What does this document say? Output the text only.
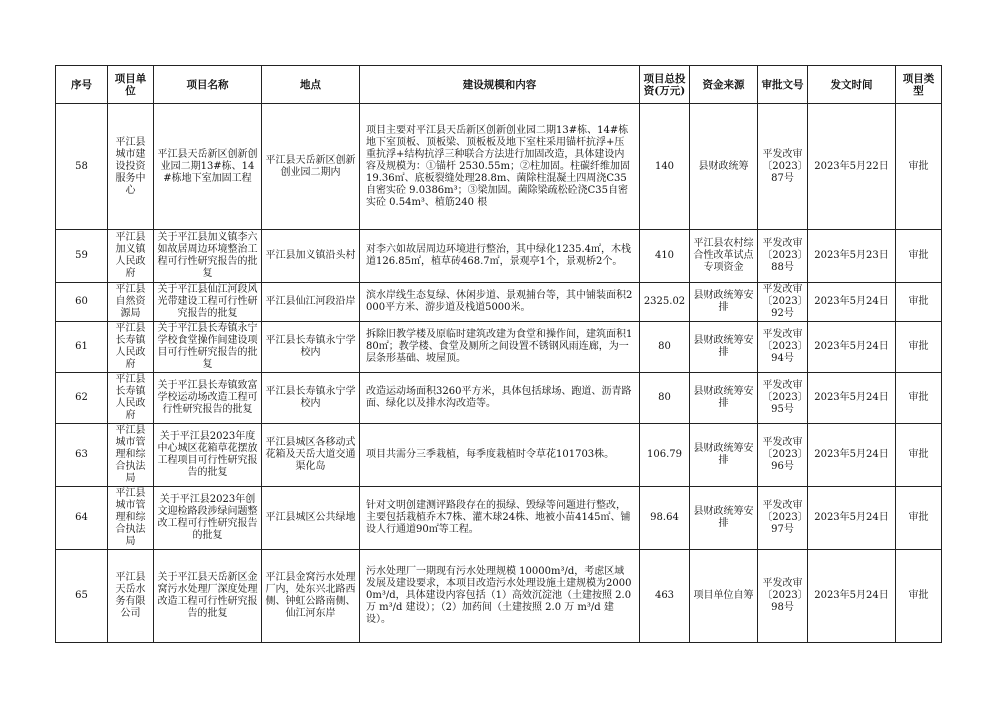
序号	项目单位	项目名称	地点	建设规模和内容	项目总投资(万元)	资金来源	审批文号	发文时间	项目类型
58	平江县城市建设投资服务中心	平江县天岳新区创新创业园二期13#栋、14#栋地下室加固工程	平江县天岳新区创新创业园二期内	项目主要对平江县天岳新区创新创业园二期13#栋、14#栋地下室顶板、顶板梁、顶板板及地下室柱采用锚杆抗浮+压重抗浮+结构抗浮三种联合方法进行加固改造，具体建设内容及规模为：①锚杆 2530.55m；②柱加固。柱碳纤维加固 19.36㎡、底板裂缝处理28.8m、菌除柱混凝土四周浇C35自密实砼 9.0386m³；③梁加固。菌除梁疏松砼浇C35自密实砼 0.54m³、植筋240 根	140	县财政统筹	平发改审〔2023〕87号	2023年5月22日	审批
59	平江县加义镇人民政府	关于平江县加义镇李六如故居周边环境整治工程可行性研究报告的批复	平江县加义镇沿头村	对李六如故居周边环境进行整治，其中绿化1235.4㎡，木栈道126.85㎡，植草砖468.7㎡，景观亭1个，景观桥2个。	410	平江县农村综合性改革试点专项资金	平发改审〔2023〕88号	2023年5月23日	审批
60	平江县自然资源局	关于平江县仙江河段风光带建设工程可行性研究报告的批复	平江县仙江河段沿岸	滨水岸线生态复绿、休闲步道、景观捕台等，其中铺装面积2000平方米、游步道及栈道5000米。	2325.02	县财政统筹安排	平发改审〔2023〕92号	2023年5月24日	审批
61	平江县长寿镇人民政府	关于平江县长寿镇永宁学校食堂操作间建设项目可行性研究报告的批复	平江县长寿镇永宁学校内	拆除旧教学楼及原临时建筑改建为食堂和操作间，建筑面积180㎡；教学楼、食堂及厕所之间设置不锈钢风雨连廊，为一层条形基础、坡屋顶。	80	县财政统筹安排	平发改审〔2023〕94号	2023年5月24日	审批
62	平江县长寿镇人民政府	关于平江县长寿镇致富学校运动场改造工程可行性研究报告的批复	平江县长寿镇永宁学校内	改造运动场面积3260平方米，具体包括球场、跑道、沥青路面、绿化以及排水沟改造等。	80	县财政统筹安排	平发改审〔2023〕95号	2023年5月24日	审批
63	平江县城市管理和综合执法局	关于平江县2023年度中心城区花箱草花摆放工程项目可行性研究报告的批复	平江县城区各移动式花箱及天岳大道交通渠化岛	项目共需分三季栽植，每季度栽植时令草花101703株。	106.79	县财政统筹安排	平发改审〔2023〕96号	2023年5月24日	审批
64	平江县城市管理和综合执法局	关于平江县2023年创文迎检路段涉绿问题整改工程可行性研究报告的批复	平江县城区公共绿地	针对文明创建测评路段存在的损绿、毁绿等问题进行整改，主要包括栽植乔木7株、灌木球24株、地被小苗4145㎡、铺设人行通道90㎡等工程。	98.64	县财政统筹安排	平发改审〔2023〕97号	2023年5月24日	审批
65	平江县天岳水务有限公司	关于平江县天岳新区金窝污水处理厂深度处理改造工程可行性研究报告的批复	平江县金窝污水处理厂内，处东兴北路西侧、钟虹公路南侧、仙江河东岸	污水处理厂一期现有污水处理规模 10000m³/d，考虑区域发展及建设要求，本项目改造污水处理设施土建规模为20000m³/d，具体建设内容包括（1）高效沉淀池（土建按照 2.0 万 m³/d 建设）；（2）加药间（土建按照 2.0 万 m³/d 建设）。	463	项目单位自筹	平发改审〔2023〕98号	2023年5月24日	审批
